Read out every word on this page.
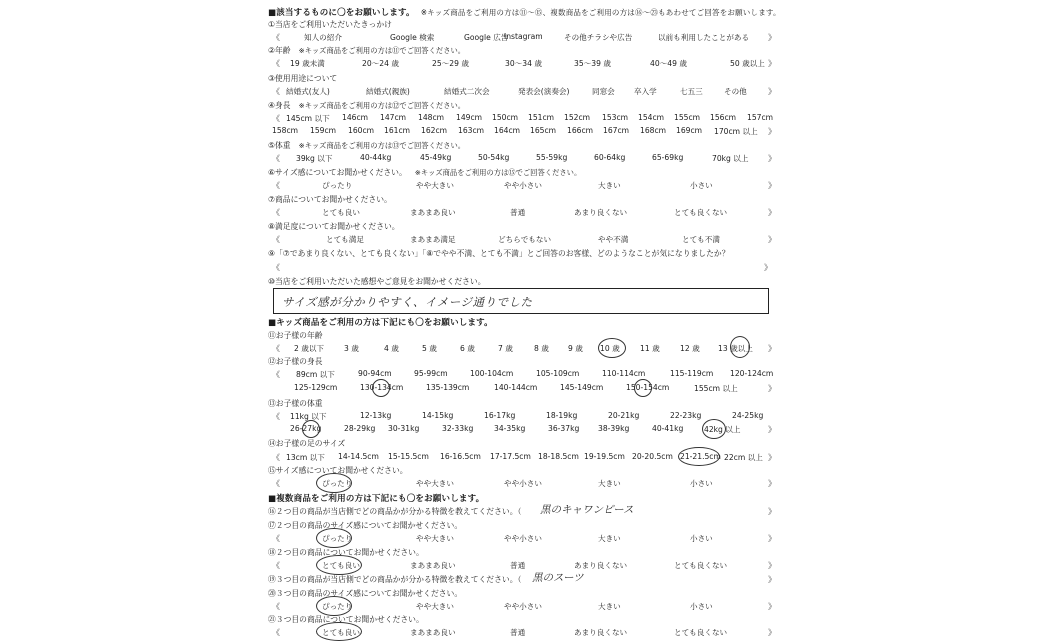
■該当するものに〇をお願いします。 ※キッズ商品をご利用の方は⑪〜⑮、複数商品をご利用の方は⑯〜㉓もあわせてご回答をお願いします。
①当店をご利用いただいたきっかけ
《	知人の紹介	Google 検索	Google 広告
Instagram	その他チラシや広告	以前も利用したことがある 》
②年齢 ※キッズ商品をご利用の方は⑪でご回答ください。
《 19 歳未満	20〜24 歳	25〜29 歳	30〜34 歳	35〜39 歳	40〜49 歳	50 歳以上 》
③使用用途について
《 結婚式(友人)	結婚式(親族)	結婚式二次会	発表会(演奏会)	同窓会	卒入学	七五三	その他	》
④身長 ※キッズ商品をご利用の方は⑫でご回答ください。
《 145cm 以下 146cm 147cm 148cm 149cm 150cm 151cm 152cm 153cm 154cm 155cm 156cm 157cm
158cm 159cm 160cm 161cm 162cm 163cm 164cm 165cm 166cm 167cm 168cm 169cm 170cm 以上 》
⑤体重 ※キッズ商品をご利用の方は⑬でご回答ください。
《 39kg 以下	40-44kg	45-49kg	50-54kg	55-59kg	60-64kg	65-69kg	70kg 以上 》
⑥サイズ感についてお聞かせください。 ※キッズ商品をご利用の方は⑮でご回答ください。
《	ぴったり	やや大きい	やや小さい	大きい	小さい	》
⑦商品についてお聞かせください。
《	とても良い	まあまあ良い	普通	あまり良くない	とても良くない	》
⑧満足度についてお聞かせください。
《	とても満足	まあまあ満足	どちらでもない	やや不満	とても不満	》
⑨「⑦であまり良くない、とても良くない」「⑧でやや不満、とても不満」とご回答のお客様、どのようなことが気になりましたか？
《	》
⑩当店をご利用いただいた感想やご意見をお聞かせください。
サイズ感が分かりやすく、イメージ通りでした
■キッズ商品をご利用の方は下記にも〇をお願いします。
⑪お子様の年齢
《 2 歳以下	3 歳	4 歳	5 歳	6 歳	7 歳	8 歳	9 歳 10 歳	11 歳	12 歳 13 歳以上 》
⑫お子様の身長
《 89cm 以下	90-94cm	95-99cm	100-104cm	105-109cm	110-114cm	115-119cm 120-124cm
125-129cm	130-134cm	135-139cm	140-144cm	145-149cm	150-154cm	155cm 以上	》
⑬お子様の体重
《 11kg 以下	12-13kg	14-15kg	16-17kg	18-19kg	20-21kg	22-23kg	24-25kg
26-27kg	28-29kg 30-31kg	32-33kg	34-35kg	36-37kg 38-39kg	40-41kg	42kg 以上	》
⑭お子様の足のサイズ
《 13cm 以下 14-14.5cm 15-15.5cm 16-16.5cm 17-17.5cm 18-18.5cm 19-19.5cm 20-20.5cm 21-21.5cm 22cm 以上 》
⑮サイズ感についてお聞かせください。
《	ぴったり	やや大きい	やや小さい	大きい	小さい	》
■複数商品をご利用の方は下記にも〇をお願いします。
⑯２つ目の商品が当店側でどの商品かが分かる特徴を教えてください。（ 黒のキャワンピース	》
⑰２つ目の商品のサイズ感についてお聞かせください。
《	ぴったり	やや大きい	やや小さい	大きい	小さい	》
⑱２つ目の商品についてお聞かせください。
《	とても良い	まあまあ良い	普通	あまり良くない	とても良くない	》
⑲３つ目の商品が当店側でどの商品かが分かる特徴を教えてください。（ 黒のスーツ	》
⑳３つ目の商品のサイズ感についてお聞かせください。
《	ぴったり	やや大きい	やや小さい	大きい	小さい	》
㉑３つ目の商品についてお聞かせください。
《	とても良い	まあまあ良い	普通	あまり良くない	とても良くない	》
